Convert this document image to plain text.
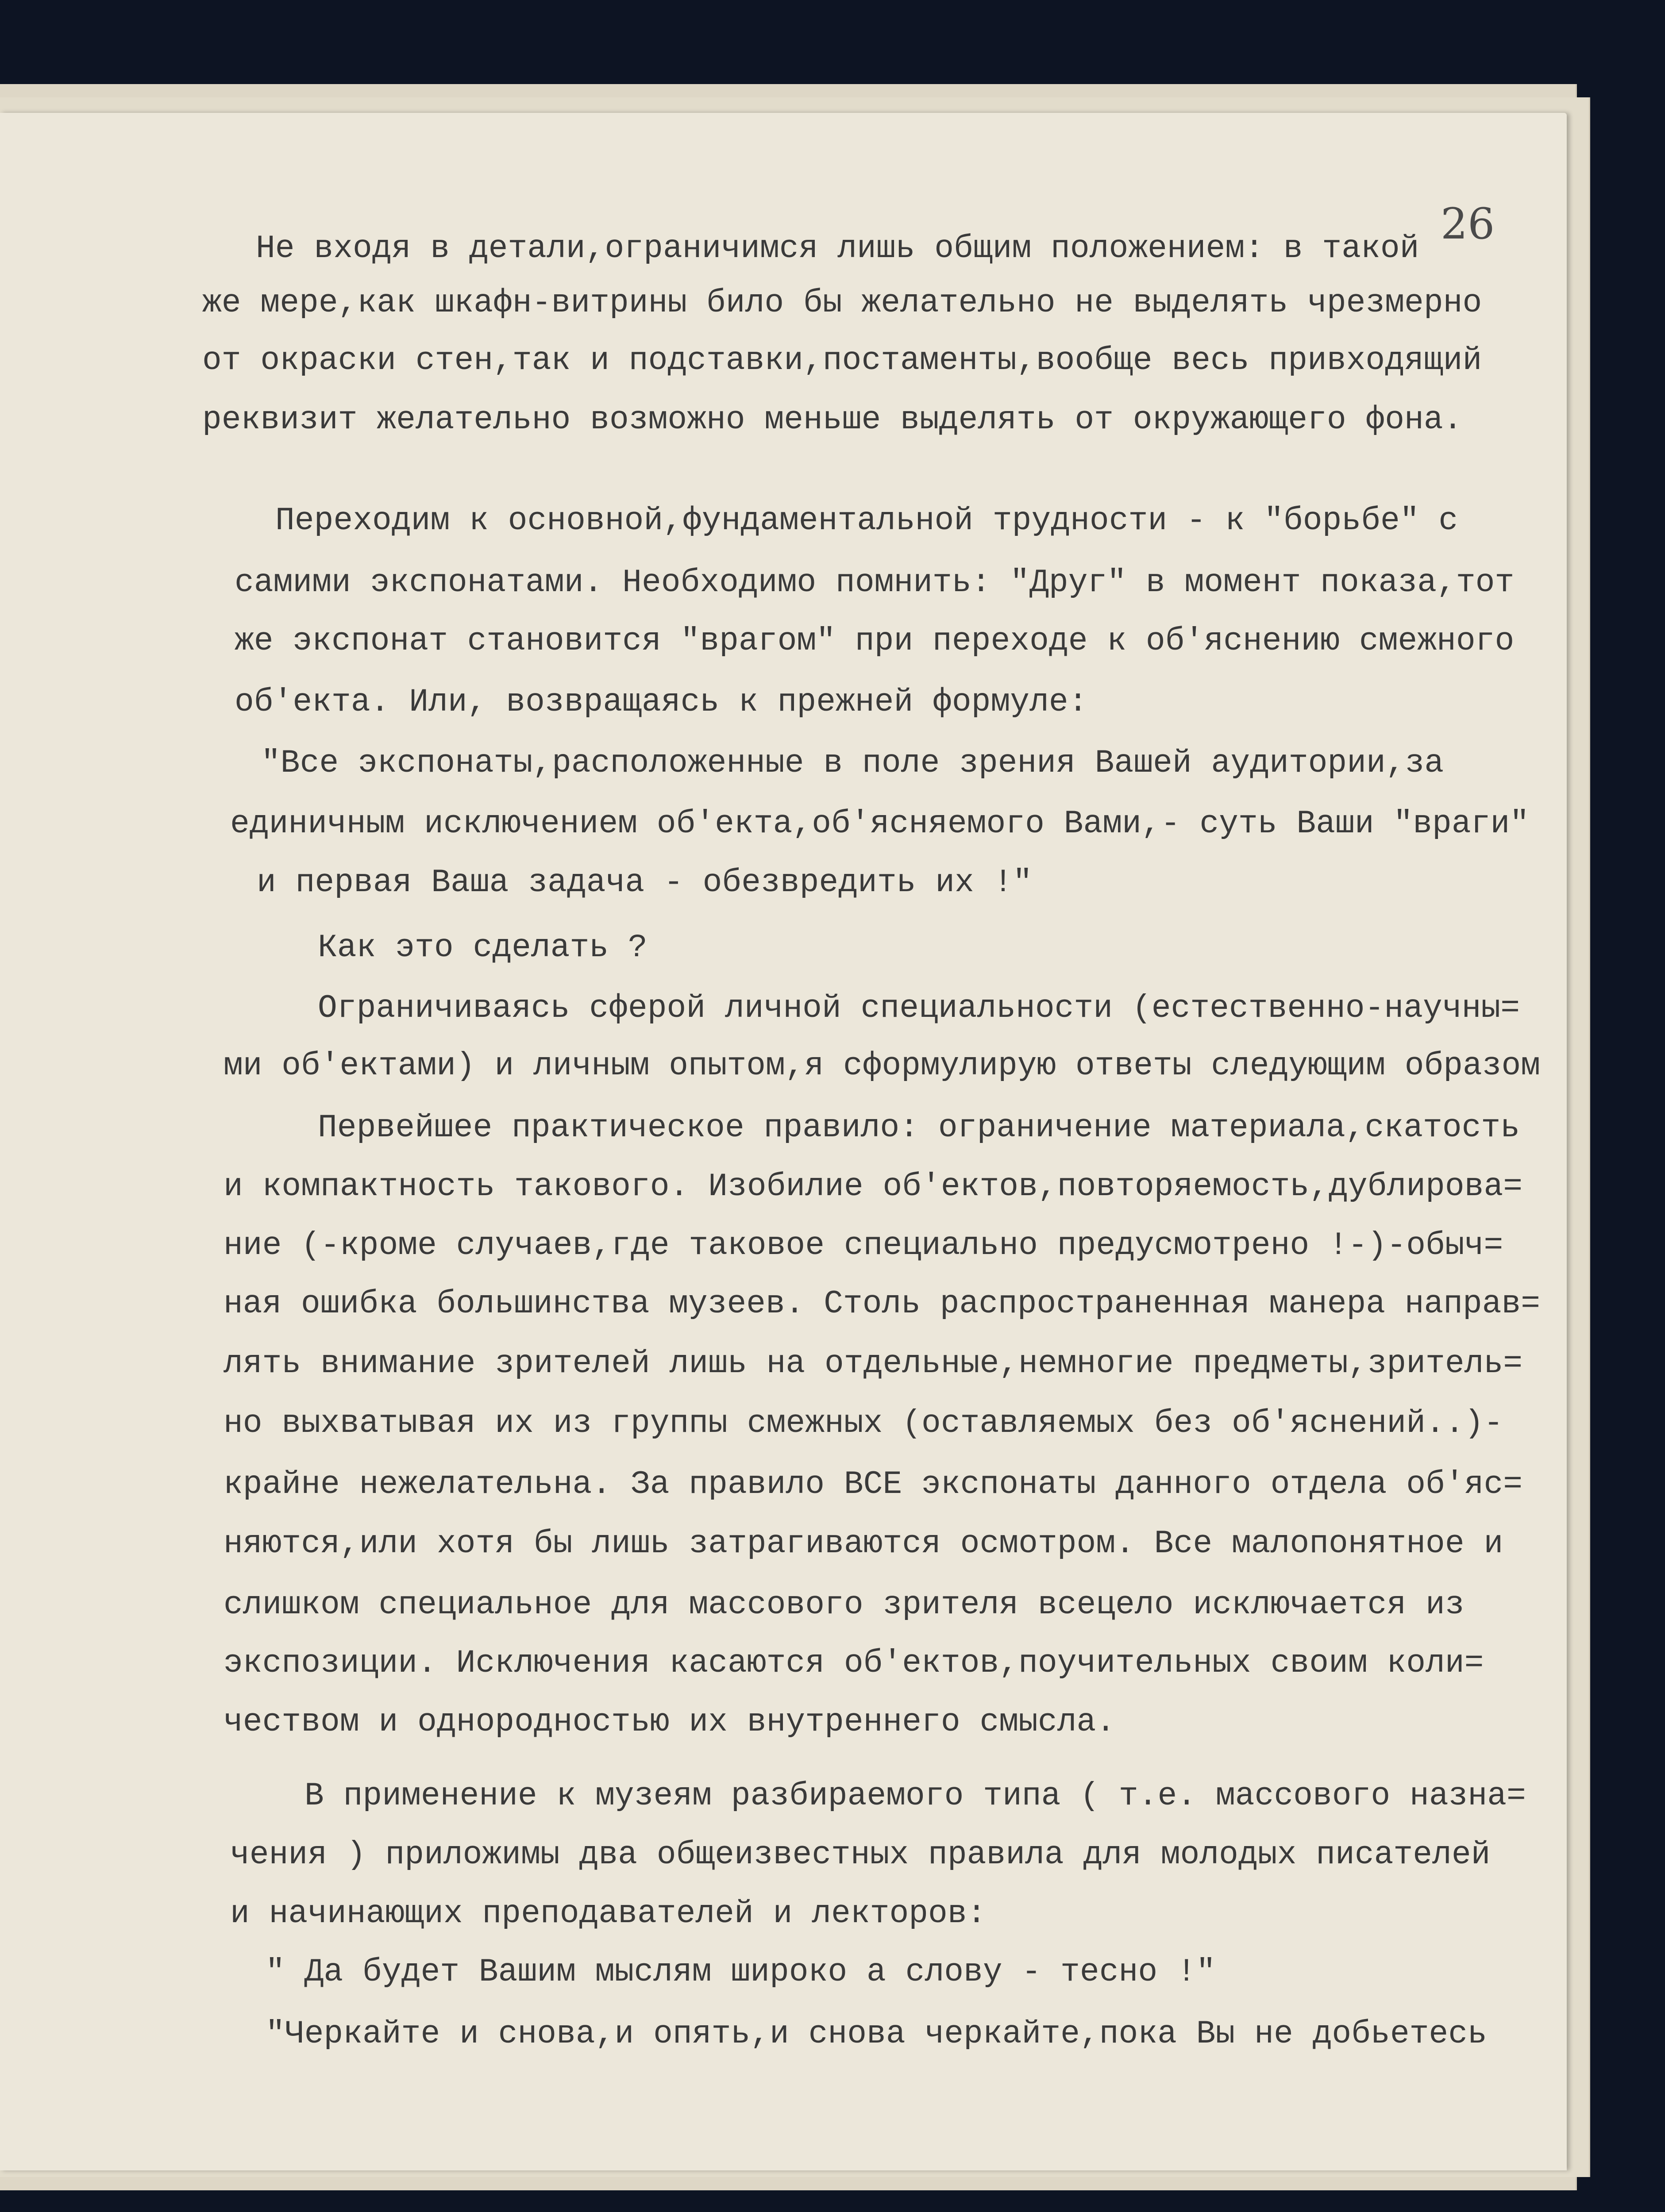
26

Не входя в детали,ограничимся лишь общим положением: в такой

же мере,как шкафн-витрины било бы желательно не выделять чрезмерно

от окраски стен,так и подставки,постаменты,вообще весь привходящий

реквизит желательно возможно меньше выделять от окружающего фона.

Переходим к основной,фундаментальной трудности - к "борьбе" с

самими экспонатами. Необходимо помнить: "Друг" в момент показа,тот

же экспонат становится "врагом" при переходе к об'яснению смежного

об'екта. Или, возвращаясь к прежней формуле:

"Все экспонаты,расположенные в поле зрения Вашей аудитории,за

единичным исключением об'екта,об'ясняемого Вами,- суть Ваши "враги"

и первая Ваша задача - обезвредить их !"

Как это сделать ?

Ограничиваясь сферой личной специальности (естественно-научны=

ми об'ектами) и личным опытом,я сформулирую ответы следующим образом

Первейшее практическое правило: ограничение материала,скатость

и компактность такового. Изобилие об'ектов,повторяемость,дублирова=

ние (-кроме случаев,где таковое специально предусмотрено !-)-обыч=

ная ошибка большинства музеев. Столь распространенная манера направ=

лять внимание зрителей лишь на отдельные,немногие предметы,зритель=

но выхватывая их из группы смежных (оставляемых без об'яснений..)-

крайне нежелательна. За правило ВСЕ экспонаты данного отдела об'яс=

няются,или хотя бы лишь затрагиваются осмотром. Все малопонятное и

слишком специальное для массового зрителя всецело исключается из

экспозиции. Исключения касаются об'ектов,поучительных своим коли=

чеством и однородностью их внутреннего смысла.

В применение к музеям разбираемого типа ( т.е. массового назна=

чения ) приложимы два общеизвестных правила для молодых писателей

и начинающих преподавателей и лекторов:

" Да будет Вашим мыслям широко а слову - тесно !"

"Черкайте и снова,и опять,и снова черкайте,пока Вы не добьетесь
